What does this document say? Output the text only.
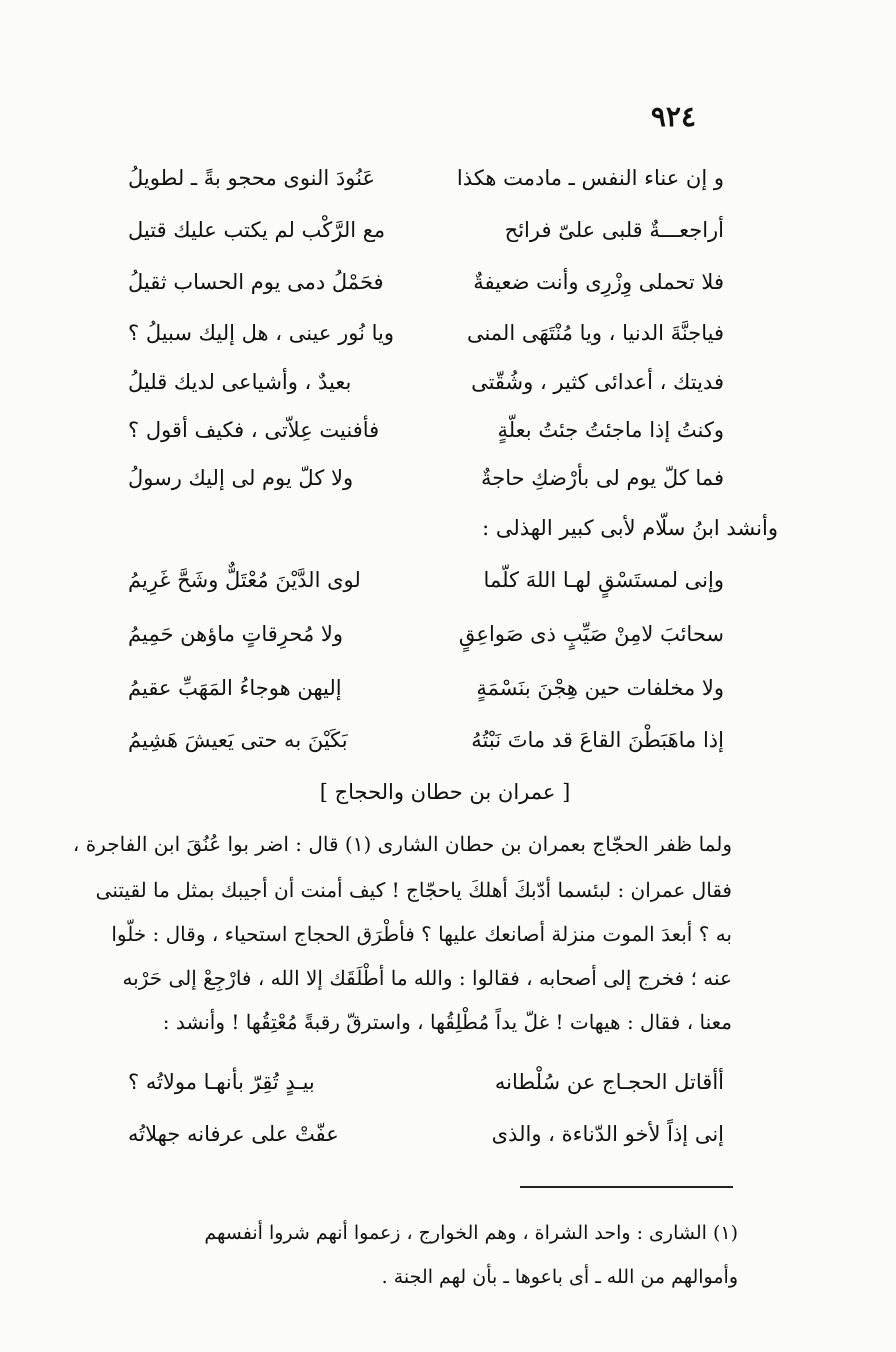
٩٢٤
و إن عناء النفس ـ مادمت هكذا
عَنُودَ النوى محجو بةً ـ لطويلُ
أراجعـــةٌ قلبى علىّ فرائح
مع الرَّكْب لم يكتب عليك قتيل
فلا تحملى وِزْرِى وأنت ضعيفةٌ
فحَمْلُ دمى يوم الحساب ثقيلُ
فياجنَّةَ الدنيا ، ويا مُنْتَهَى المنى
ويا نُور عينى ، هل إليك سبيلُ ؟
فديتك ، أعدائى كثير ، وشُقّتى
بعيدٌ ، وأشياعى لديك قليلُ
وكنتُ إذا ماجئتُ جئتُ بعلّةٍ
فأفنيت عِلاّتى ، فكيف أقول ؟
فما كلّ يوم لى بأرْضكِ حاجةٌ
ولا كلّ يوم لى إليك رسولُ
وأنشد ابنُ سلّام لأبى كبير الهذلى :
وإنى لمستَسْقٍ لهـا اللهَ كلّما
لوى الدَّيْنَ مُعْتَلٌّ وشَحَّ غَرِيمُ
سحائبَ لامِنْ صَيِّبٍ ذى صَواعِقٍ
ولا مُحرِقاتٍ ماؤهن حَمِيمُ
ولا مخلفات حين هِجْنَ بنَسْمَةٍ
إليهن هوجاءُ المَهَبِّ عقيمُ
إذا ماهَبَطْنَ القاعَ قد ماتَ نَبْتُهُ
بَكَيْنَ به حتى يَعيشَ هَشِيمُ
[ عمران بن حطان والحجاج ]
ولما ظفر الحجّاج بعمران بن حطان الشارى (١) قال : اضر بوا عُنُقَ ابن الفاجرة ،
فقال عمران : لبئسما أدّبكَ أهلكَ ياحجّاج ! كيف أمنت أن أجيبك بمثل ما لقيتنى
به ؟ أبعدَ الموت منزلة أصانعك عليها ؟ فأطْرَق الحجاج استحياء ، وقال : خلّوا
عنه ؛ فخرج إلى أصحابه ، فقالوا : والله ما أطْلَقَك إلا الله ، فارْجِعْ إلى حَرْبه
معنا ، فقال : هيهات ! غلّ يداً مُطْلِقُها ، واسترقّ رقبةً مُعْتِقُها ! وأنشد :
أأقاتل الحجـاج عن سُلْطانه
بيـدٍ تُقِرّ بأنهـا مولاتُه ؟
إنى إذاً لأخو الدّناءة ، والذى
عفّتْ على عرفانه جهلاتُه
(١) الشارى : واحد الشراة ، وهم الخوارج ، زعموا أنهم شروا أنفسهم
وأموالهم من الله ـ أى باعوها ـ بأن لهم الجنة .
